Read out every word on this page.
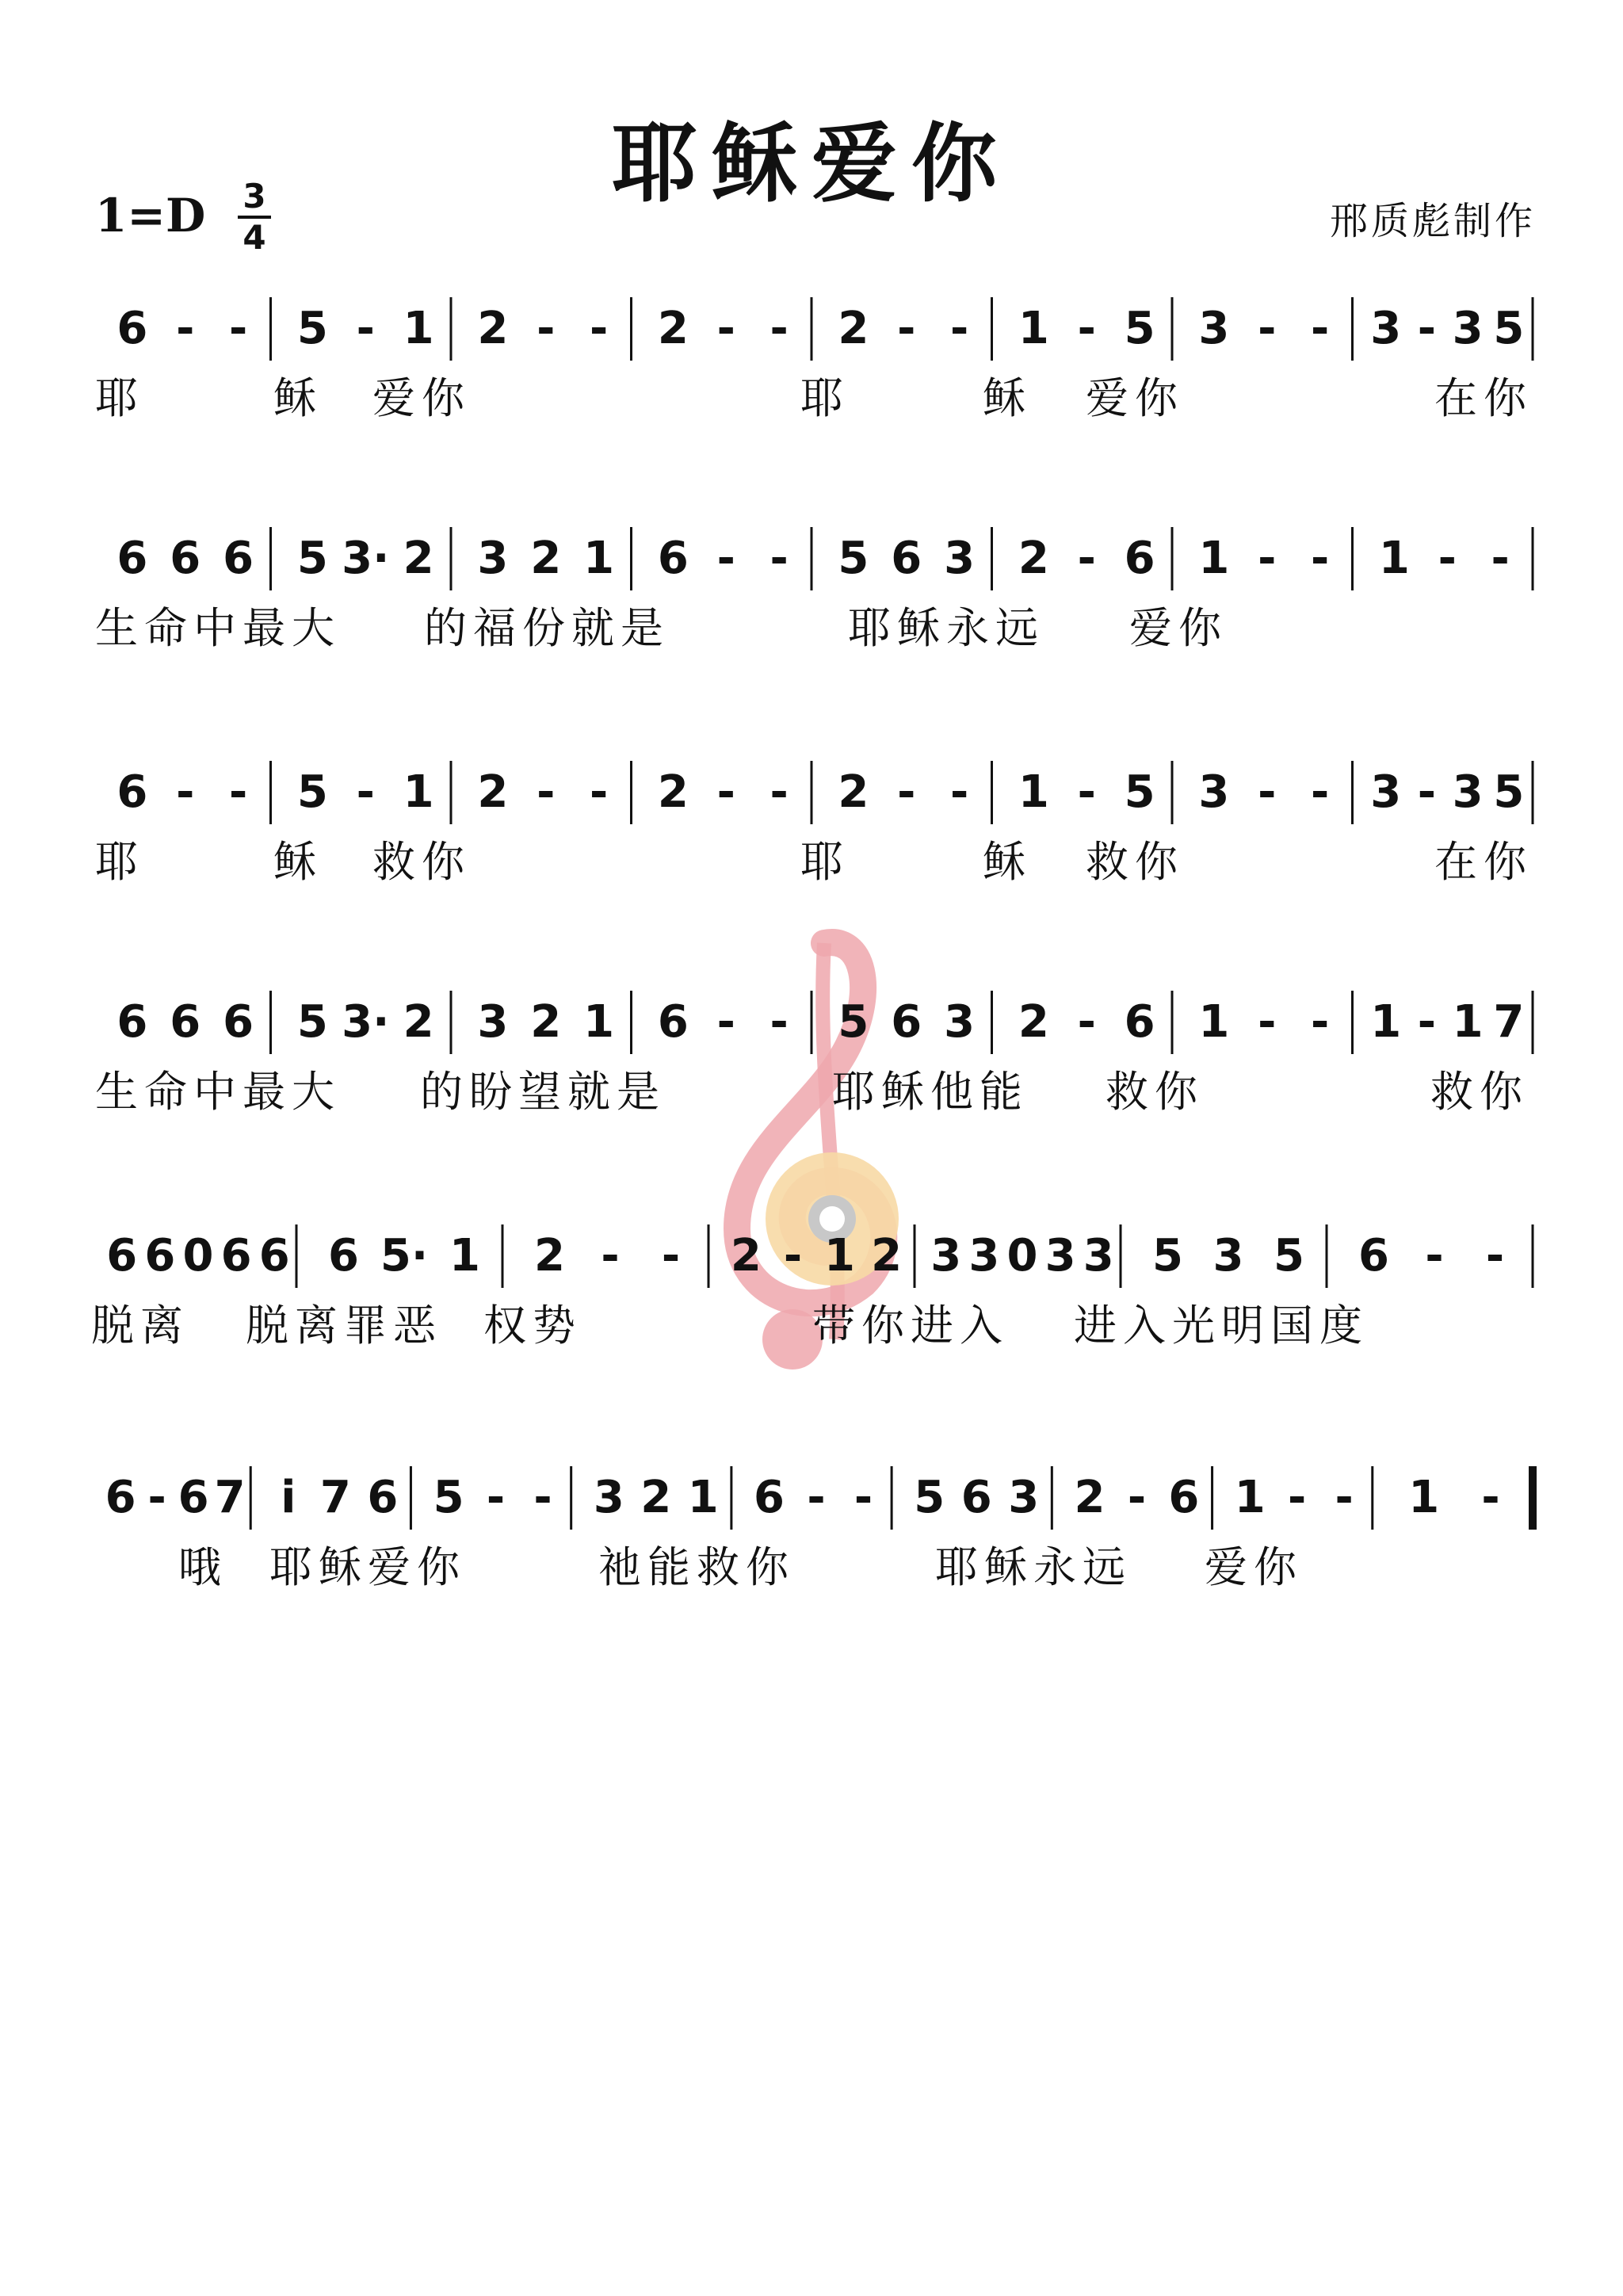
耶稣爱你
1=D 3
4	邢质彪制作
6 - - 5 - 1 2 - - 2 - - 2 - - 1 - 5 3 - - 3 - 3 5
耶	稣 爱你	耶	稣 爱你	在你
6 6 6 5 3· 2 3 2 1 6 - - 5 6 3 2 - 6 1 - - 1 - -
生命中最大 的福份就是	耶稣永远 爱你
6 - - 5 - 1 2 - - 2 - - 2 - - 1 - 5 3 - - 3 - 3 5
耶	稣 救你	耶	稣 救你	在你
6 6 6 5 3· 2 3 2 1 6 - - 5 6 3 2 - 6 1 - - 1 - 1 7
生命中最大 的盼望就是	耶稣他能 救你	救你
6 6 0 6 6 6 5· 1 2 - - 2 - 1 2 3 3 0 3 3 5 3 5 6 - -
脱离 脱离罪恶 权势	带你进入 进入光明国度
6 - 6 7 i 7 6 5 - - 3 2 1 6 - - 5 6 3 2 - 6 1 - - 1 -
哦 耶稣爱你	祂能救你	耶稣永远 爱你
